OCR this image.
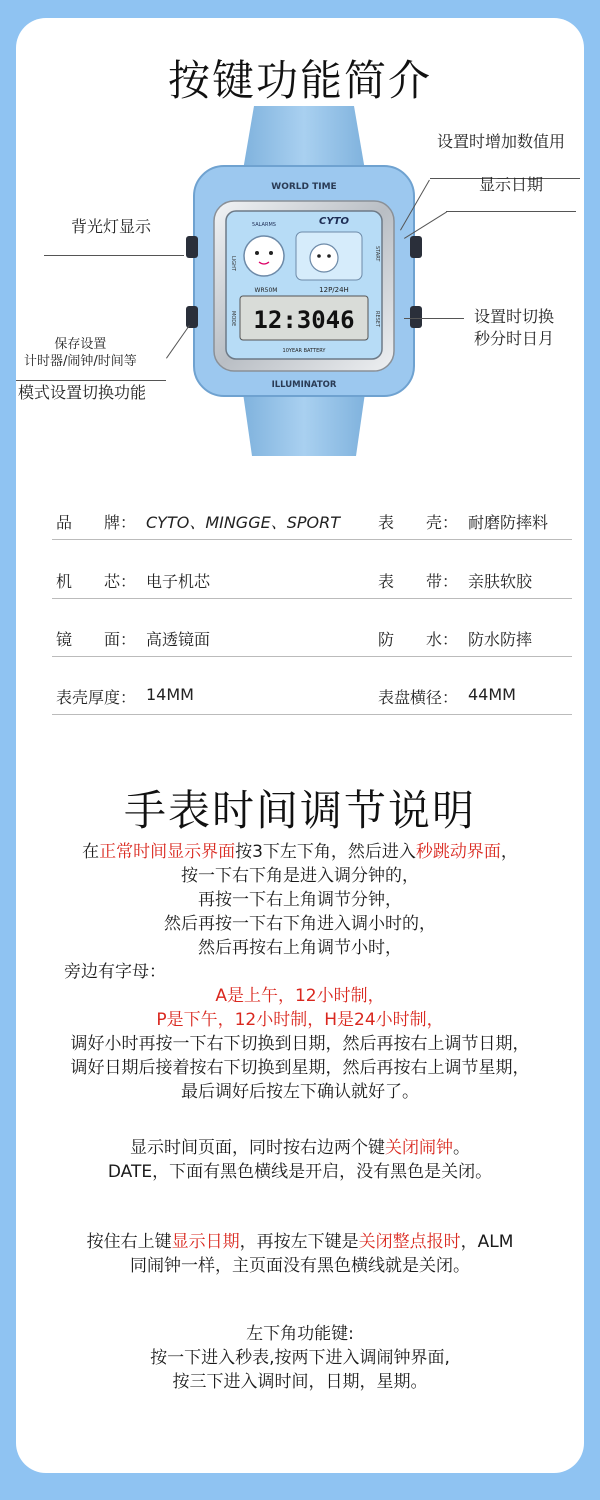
按键功能简介
WORLD TIME
CYTO
5ALARMS
LIGHT
START
MODE	RESET
WR50M	12P/24H
12:3046
10YEAR BATTERY
ILLUMINATOR
设置时增加数值用
显示日期
背光灯显示
设置时切换
秒分时日月
保存设置
计时器/闹钟/时间等
模式设置切换功能
品　　牌： CYTO、MINGGE、SPORT 表　　壳： 耐磨防摔料
机　　芯： 电子机芯	表　　带： 亲肤软胶
镜　　面： 高透镜面	防　　水： 防水防摔
表壳厚度： 14MM	表盘横径： 44MM
手表时间调节说明
在正常时间显示界面按3下左下角，然后进入秒跳动界面，
按一下右下角是进入调分钟的，
再按一下右上角调节分钟，
然后再按一下右下角进入调小时的，
然后再按右上角调节小时，
旁边有字母：
A是上午，12小时制，
P是下午，12小时制，H是24小时制，
调好小时再按一下右下切换到日期，然后再按右上调节日期，
调好日期后接着按右下切换到星期，然后再按右上调节星期，
最后调好后按左下确认就好了。
显示时间页面，同时按右边两个键关闭闹钟。
DATE，下面有黑色横线是开启，没有黑色是关闭。
按住右上键显示日期，再按左下键是关闭整点报时，ALM
同闹钟一样，主页面没有黑色横线就是关闭。
左下角功能键:
按一下进入秒表,按两下进入调闹钟界面,
按三下进入调时间，日期，星期。
